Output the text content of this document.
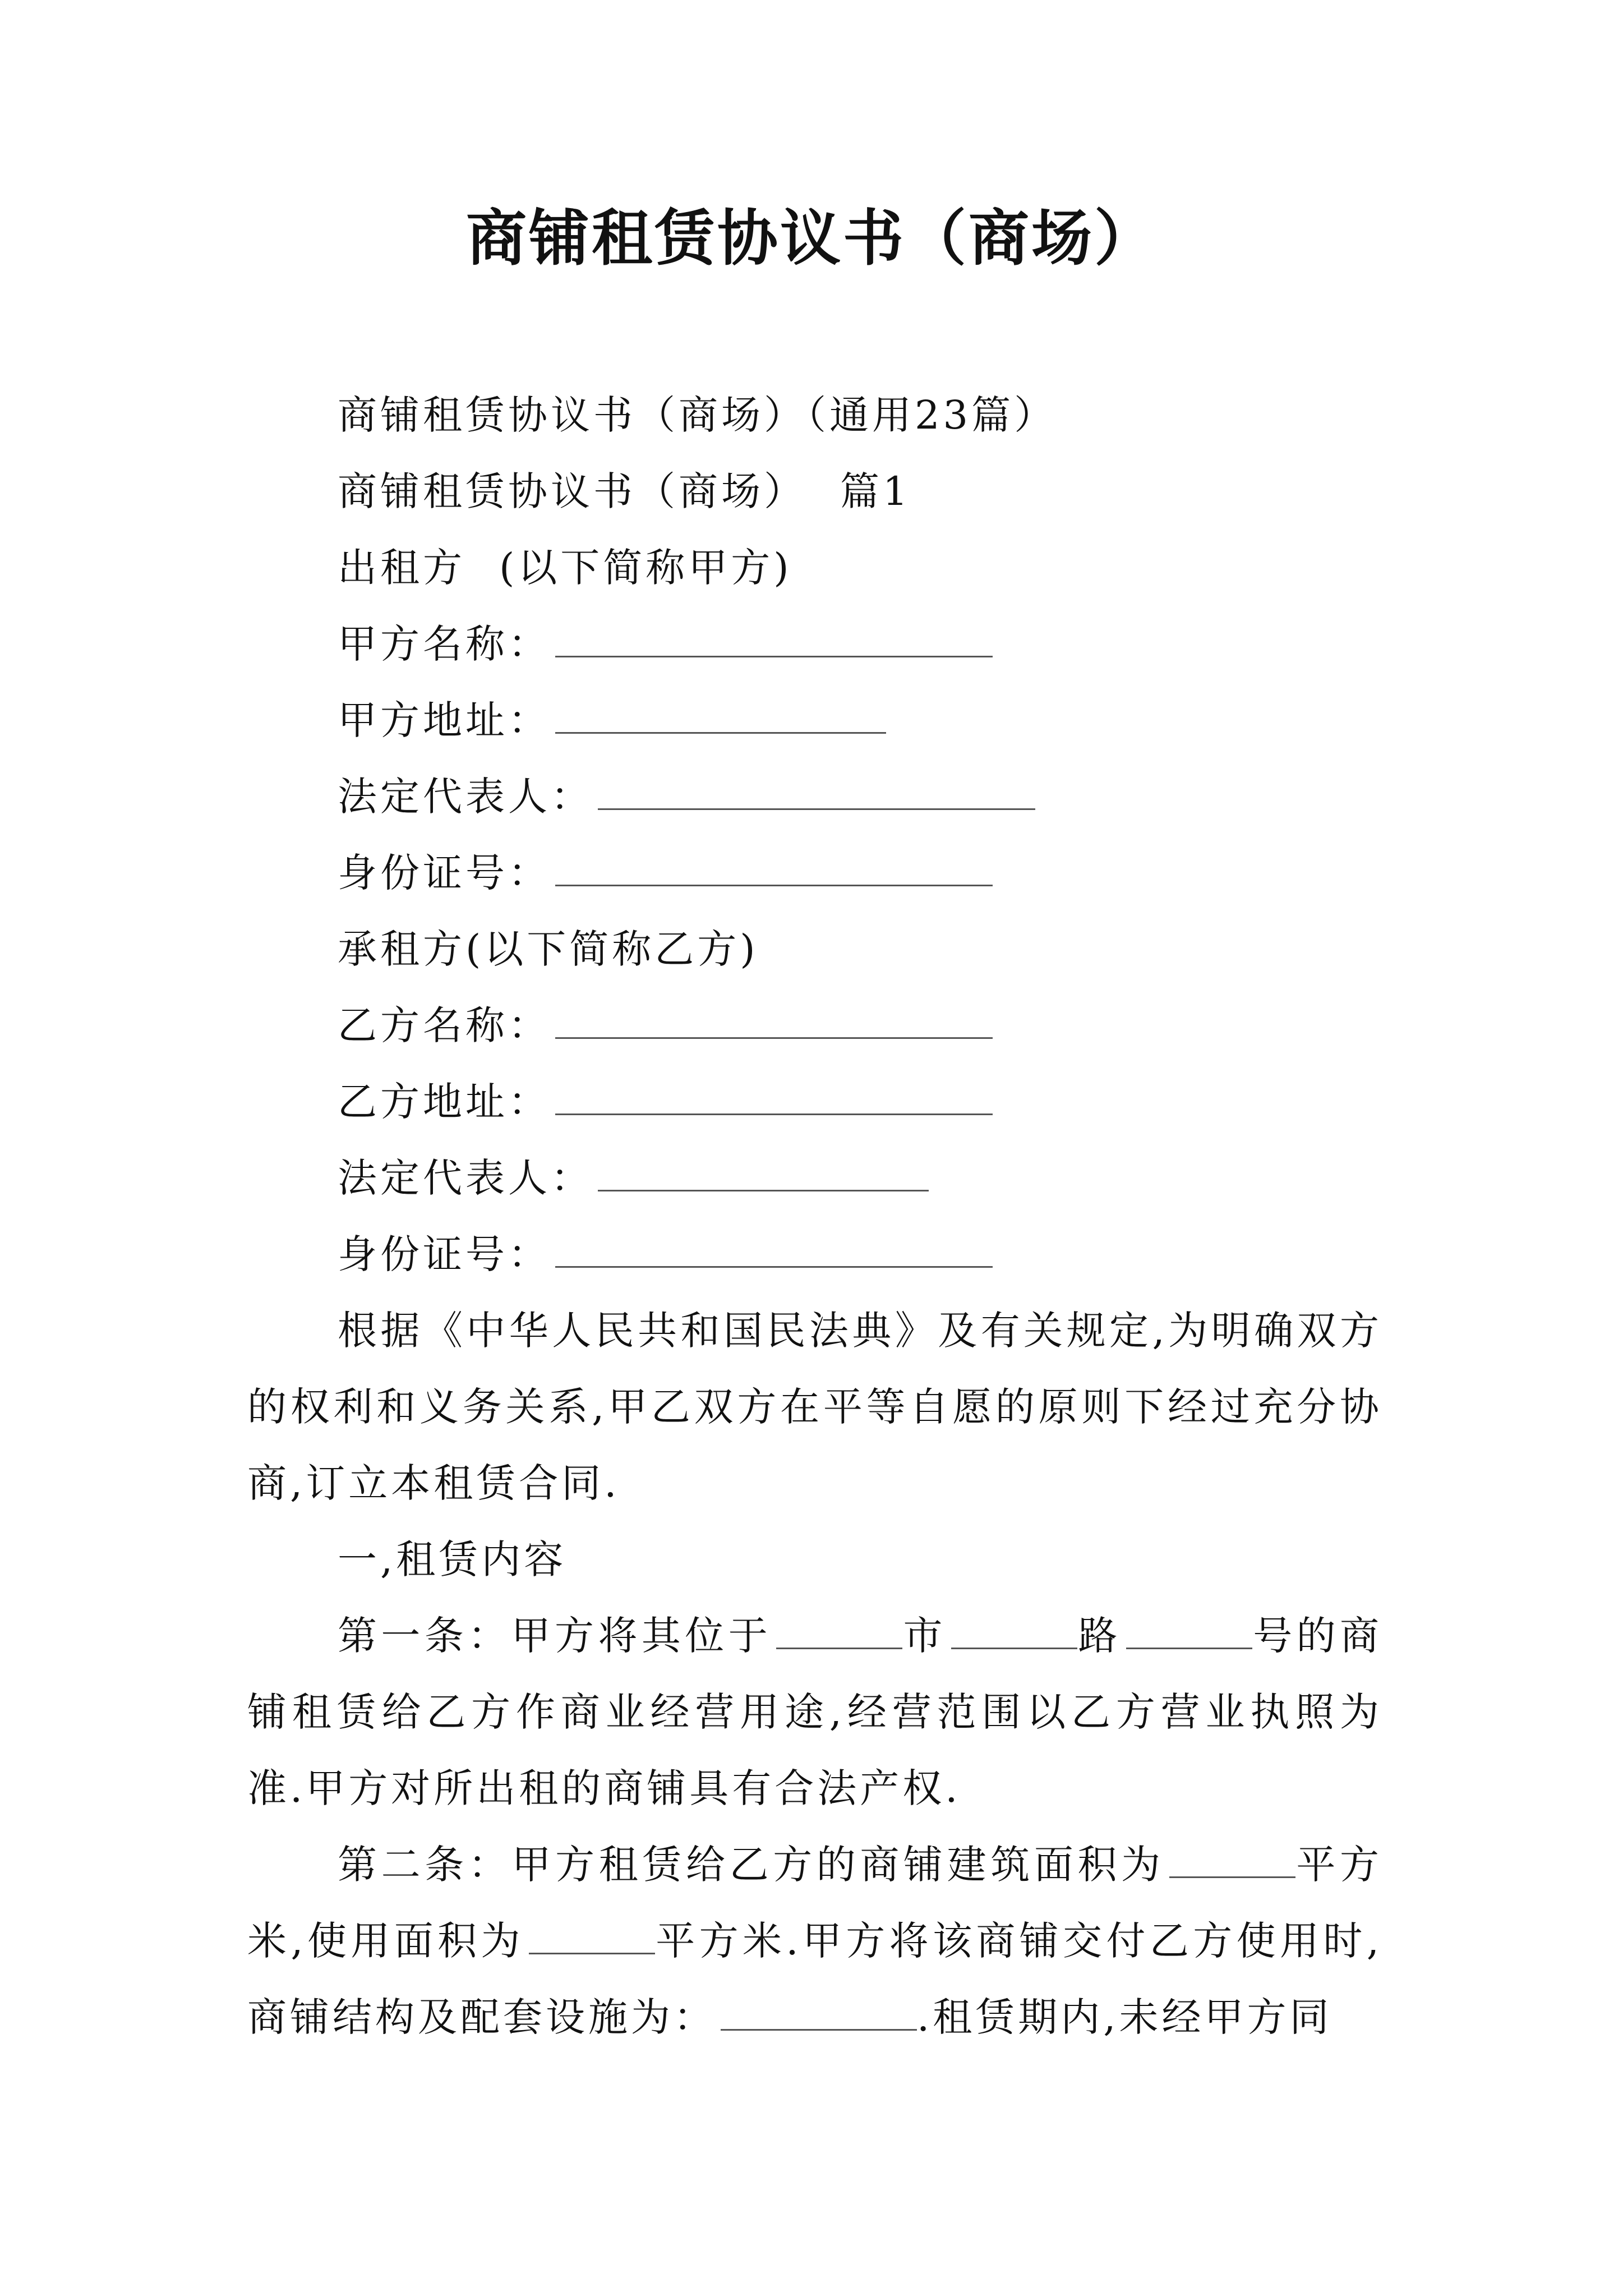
商铺租赁协议书（商场）
商铺租赁协议书（商场）（通用23篇）
商铺租赁协议书（商场） 篇1
出租方 (以下简称甲方)
甲方名称：
甲方地址：
法定代表人：
身份证号：
承租方(以下简称乙方)
乙方名称：
乙方地址：
法定代表人：
身份证号：

根据《中华人民共和国民法典》及有关规定,为明确双方的权利和义务关系,甲乙双方在平等自愿的原则下经过充分协商,订立本租赁合同.

一,租赁内容

第一条：甲方将其位于	市	路	号的商铺租赁给乙方作商业经营用途,经营范围以乙方营业执照为准.甲方对所出租的商铺具有合法产权.

第二条：甲方租赁给乙方的商铺建筑面积为	平方米,使用面积为	平方米.甲方将该商铺交付乙方使用时,商铺结构及配套设施为：	.租赁期内,未经甲方同
